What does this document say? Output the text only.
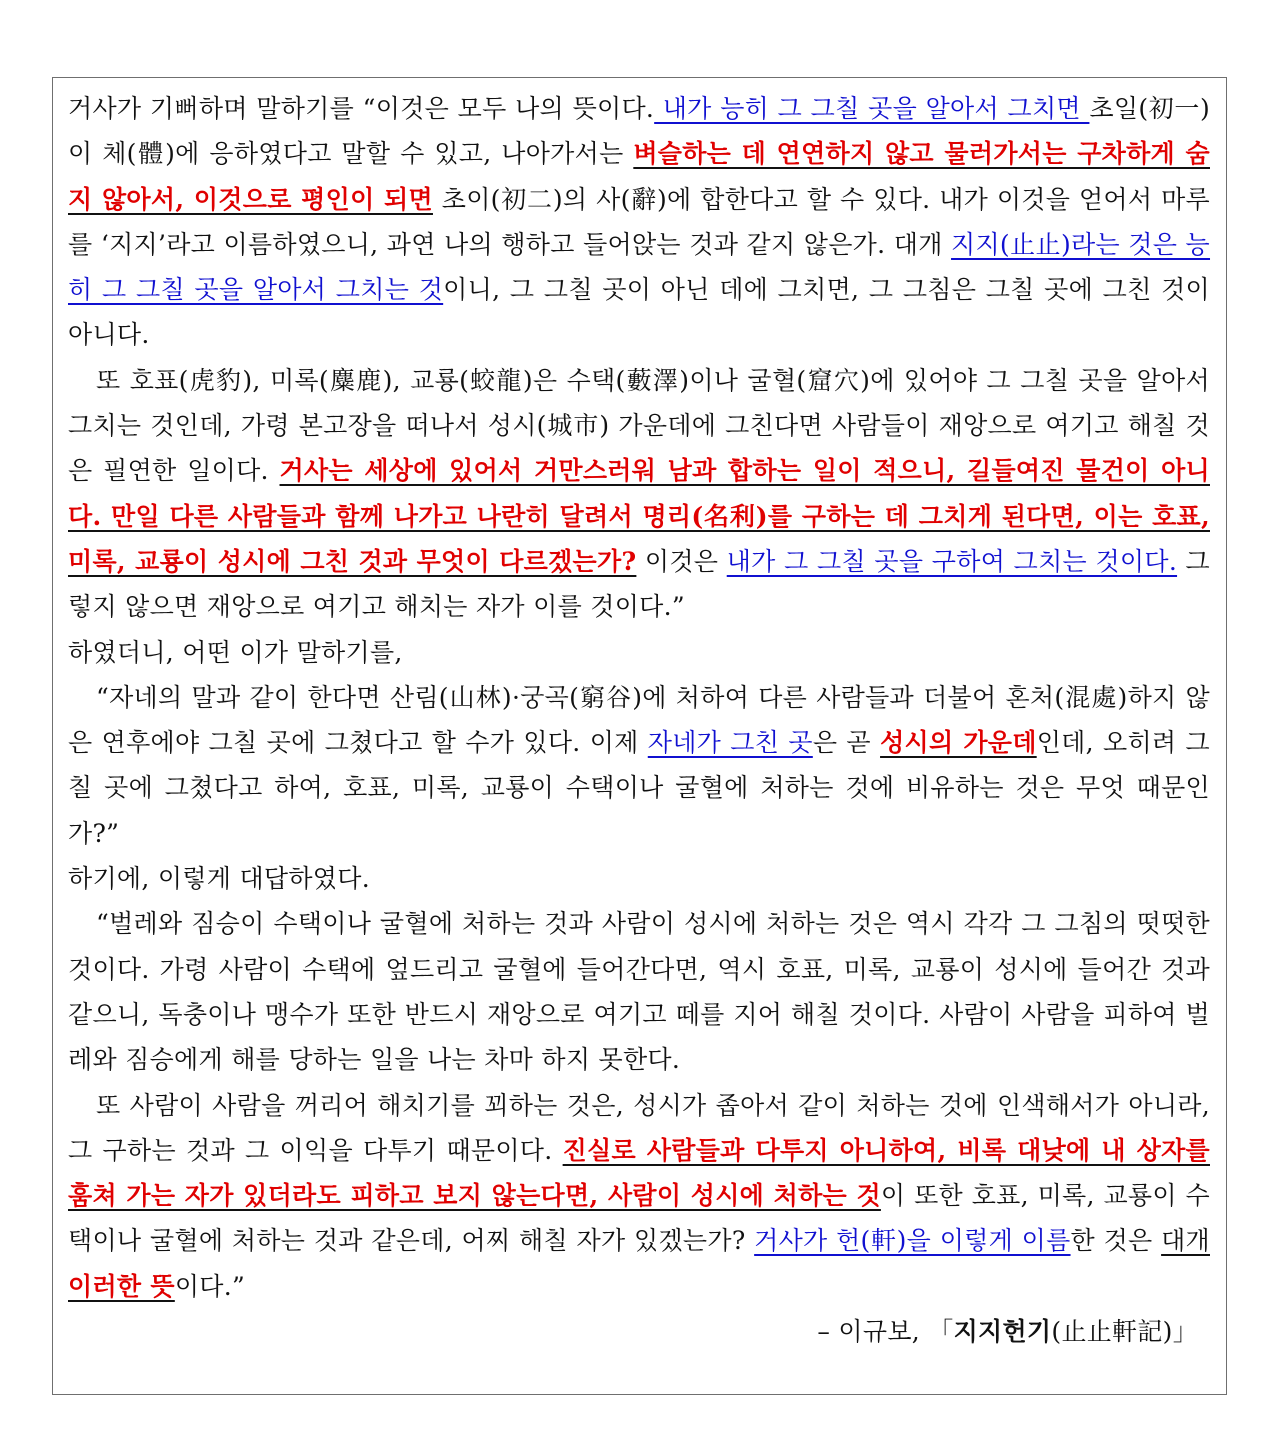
거사가 기뻐하며 말하기를 “이것은 모두 나의 뜻이다. 내가 능히 그 그칠 곳을 알아서 그치면 초일(初一)이 체(體)에 응하였다고 말할 수 있고, 나아가서는 벼슬하는 데 연연하지 않고 물러가서는 구차하게 숨지 않아서, 이것으로 평인이 되면 초이(初二)의 사(辭)에 합한다고 할 수 있다. 내가 이것을 얻어서 마루를 ‘지지’라고 이름하였으니, 과연 나의 행하고 들어앉는 것과 같지 않은가. 대개 지지(止止)라는 것은 능히 그 그칠 곳을 알아서 그치는 것이니, 그 그칠 곳이 아닌 데에 그치면, 그 그침은 그칠 곳에 그친 것이 아니다.

또 호표(虎豹), 미록(麋鹿), 교룡(蛟龍)은 수택(藪澤)이나 굴혈(窟穴)에 있어야 그 그칠 곳을 알아서 그치는 것인데, 가령 본고장을 떠나서 성시(城市) 가운데에 그친다면 사람들이 재앙으로 여기고 해칠 것은 필연한 일이다. 거사는 세상에 있어서 거만스러워 남과 합하는 일이 적으니, 길들여진 물건이 아니다. 만일 다른 사람들과 함께 나가고 나란히 달려서 명리(名利)를 구하는 데 그치게 된다면, 이는 호표, 미록, 교룡이 성시에 그친 것과 무엇이 다르겠는가? 이것은 내가 그 그칠 곳을 구하여 그치는 것이다. 그렇지 않으면 재앙으로 여기고 해치는 자가 이를 것이다.”

하였더니, 어떤 이가 말하기를,

“자네의 말과 같이 한다면 산림(山林)·궁곡(窮谷)에 처하여 다른 사람들과 더불어 혼처(混處)하지 않은 연후에야 그칠 곳에 그쳤다고 할 수가 있다. 이제 자네가 그친 곳은 곧 성시의 가운데인데, 오히려 그칠 곳에 그쳤다고 하여, 호표, 미록, 교룡이 수택이나 굴혈에 처하는 것에 비유하는 것은 무엇 때문인가?”

하기에, 이렇게 대답하였다.

“벌레와 짐승이 수택이나 굴혈에 처하는 것과 사람이 성시에 처하는 것은 역시 각각 그 그침의 떳떳한 것이다. 가령 사람이 수택에 엎드리고 굴혈에 들어간다면, 역시 호표, 미록, 교룡이 성시에 들어간 것과 같으니, 독충이나 맹수가 또한 반드시 재앙으로 여기고 떼를 지어 해칠 것이다. 사람이 사람을 피하여 벌레와 짐승에게 해를 당하는 일을 나는 차마 하지 못한다.

또 사람이 사람을 꺼리어 해치기를 꾀하는 것은, 성시가 좁아서 같이 처하는 것에 인색해서가 아니라, 그 구하는 것과 그 이익을 다투기 때문이다. 진실로 사람들과 다투지 아니하여, 비록 대낮에 내 상자를 훔쳐 가는 자가 있더라도 피하고 보지 않는다면, 사람이 성시에 처하는 것이 또한 호표, 미록, 교룡이 수택이나 굴혈에 처하는 것과 같은데, 어찌 해칠 자가 있겠는가? 거사가 헌(軒)을 이렇게 이름한 것은 대개 이러한 뜻이다.”

– 이규보, 「지지헌기(止止軒記)」
